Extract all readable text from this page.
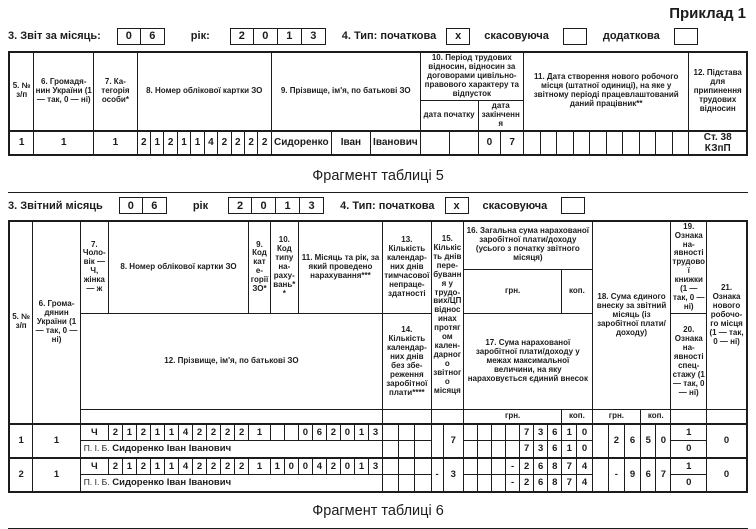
Приклад 1
3. Звіт за місяць:	0	6	рік:	2	0	1	3	4. Тип: початкова	х	скасовуюча	додаткова
5. № з/п	6. Громадянин України (1 — так, 0 — ні)	7. Категорія особи*	8. Номер облікової картки ЗО										9. Прізвище, ім'я, по батькові ЗО			10. Період трудових відносин, відносин за договорами цивільно-правового характеру та відпусток				11. Дата створення нового робочого місця (штатної одиниці), на яке у звітному періоді працевлаштований даний працівник**										12. Підстава для припинення трудових відносин
																дата початку		дата закінчення												
1	1	1	2	1	2	1	1	4	2	2	2	2	Сидоренко	Іван	Іванович			0	7											Ст. 38 КЗпП
Фрагмент таблиці 5
3. Звітний місяць	0	6	рік	2	0	1	3	4. Тип: початкова	х	скасовуюча
5. № з/п	6. Громадянин України (1 — так, 0 — ні)	7. Чоловік — Ч, жінка — ж	8. Номер облікової картки ЗО										9. Код категорії ЗО*	10. Код типу нарахувань**		11. Місяць та рік, за який проведено нарахування***						13. Кількість календарних днів тимчасової непрацездатності			15. Кількість днів перебування у трудових/ЦП відносинах протягом календарного звітного місяця		16. Загальна сума нарахованої заробітної плати/доходу (усього з початку звітного місяця)									18. Сума єдиного внеску за звітний місяць (із заробітної плати/ доходу)					19. Ознака наявності трудової книжки (1 — так, 0 — ні)	21. Ознака нового робочого місця (1 — так, 0 — ні)
																											грн.							коп.								
		12. Прізвище, ім'я, по батькові ЗО																				14. Кількість календарних днів без збереження заробітної плати****					17. Сума нарахованої заробітної плати/доходу у межах максимальної величини, на яку нараховується єдиний внесок														20. Ознака наявності спецстажу (1 — так, 0 — ні)	
																											грн.							коп.		грн.			коп.			
1	1	Ч	2	1	2	1	1	4	2	2	2	2	1			0	6	2	0	1	3					7					7	3	6	1	0		2	6	5	0	1	0
		П. І. Б. Сидоренко Іван Іванович																													7	3	6	1	0						0	
2	1	Ч	2	1	2	1	1	4	2	2	2	2	1	1	0	0	4	2	0	1	3				-	3				-	2	6	8	7	4		-	9	6	7	1	0
		П. І. Б. Сидоренко Іван Іванович																												-	2	6	8	7	4						0	
Фрагмент таблиці 6
